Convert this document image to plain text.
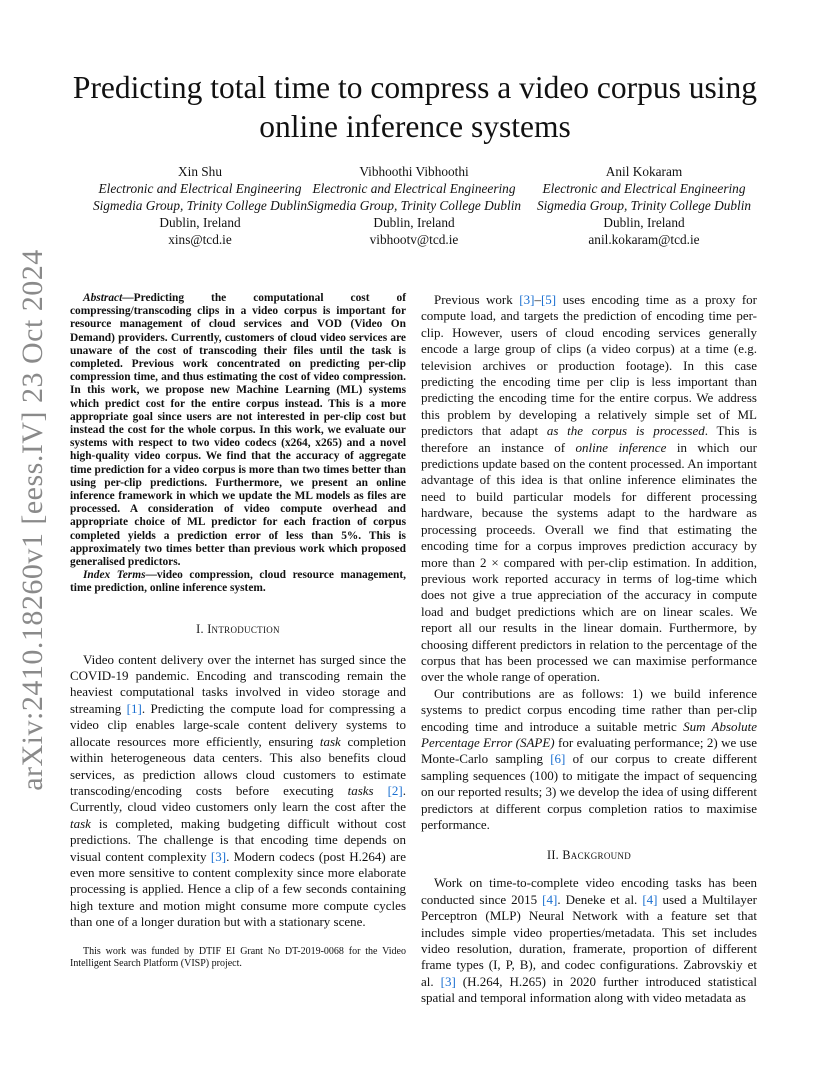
arXiv:2410.18260v1 [eess.IV] 23 Oct 2024
Predicting total time to compress a video corpus using online inference systems
Xin Shu
Electronic and Electrical Engineering
Sigmedia Group, Trinity College Dublin
Dublin, Ireland
xins@tcd.ie
Vibhoothi Vibhoothi
Electronic and Electrical Engineering
Sigmedia Group, Trinity College Dublin
Dublin, Ireland
vibhootv@tcd.ie
Anil Kokaram
Electronic and Electrical Engineering
Sigmedia Group, Trinity College Dublin
Dublin, Ireland
anil.kokaram@tcd.ie

Abstract—Predicting the computational cost of compressing/transcoding clips in a video corpus is important for resource management of cloud services and VOD (Video On Demand) providers. Currently, customers of cloud video services are unaware of the cost of transcoding their files until the task is completed. Previous work concentrated on predicting per-clip compression time, and thus estimating the cost of video compression. In this work, we propose new Machine Learning (ML) systems which predict cost for the entire corpus instead. This is a more appropriate goal since users are not interested in per-clip cost but instead the cost for the whole corpus. In this work, we evaluate our systems with respect to two video codecs (x264, x265) and a novel high-quality video corpus. We find that the accuracy of aggregate time prediction for a video corpus is more than two times better than using per-clip predictions. Furthermore, we present an online inference framework in which we update the ML models as files are processed. A consideration of video compute overhead and appropriate choice of ML predictor for each fraction of corpus completed yields a prediction error of less than 5%. This is approximately two times better than previous work which proposed generalised predictors.

Index Terms—video compression, cloud resource management, time prediction, online inference system.

I. Introduction

Video content delivery over the internet has surged since the COVID-19 pandemic. Encoding and transcoding remain the heaviest computational tasks involved in video storage and streaming [1]. Predicting the compute load for compressing a video clip enables large-scale content delivery systems to allocate resources more efficiently, ensuring task completion within heterogeneous data centers. This also benefits cloud services, as prediction allows cloud customers to estimate transcoding/encoding costs before executing tasks [2]. Currently, cloud video customers only learn the cost after the task is completed, making budgeting difficult without cost predictions. The challenge is that encoding time depends on visual content complexity [3]. Modern codecs (post H.264) are even more sensitive to content complexity since more elaborate processing is applied. Hence a clip of a few seconds containing high texture and motion might consume more compute cycles than one of a longer duration but with a stationary scene.

This work was funded by DTIF EI Grant No DT-2019-0068 for the Video Intelligent Search Platform (VISP) project.

Previous work [3]–[5] uses encoding time as a proxy for compute load, and targets the prediction of encoding time per-clip. However, users of cloud encoding services generally encode a large group of clips (a video corpus) at a time (e.g. television archives or production footage). In this case predicting the encoding time per clip is less important than predicting the encoding time for the entire corpus. We address this problem by developing a relatively simple set of ML predictors that adapt as the corpus is processed. This is therefore an instance of online inference in which our predictions update based on the content processed. An important advantage of this idea is that online inference eliminates the need to build particular models for different processing hardware, because the systems adapt to the hardware as processing proceeds. Overall we find that estimating the encoding time for a corpus improves prediction accuracy by more than 2 × compared with per-clip estimation. In addition, previous work reported accuracy in terms of log-time which does not give a true appreciation of the accuracy in compute load and budget predictions which are on linear scales. We report all our results in the linear domain. Furthermore, by choosing different predictors in relation to the percentage of the corpus that has been processed we can maximise performance over the whole range of operation.

Our contributions are as follows: 1) we build inference systems to predict corpus encoding time rather than per-clip encoding time and introduce a suitable metric Sum Absolute Percentage Error (SAPE) for evaluating performance; 2) we use Monte-Carlo sampling [6] of our corpus to create different sampling sequences (100) to mitigate the impact of sequencing on our reported results; 3) we develop the idea of using different predictors at different corpus completion ratios to maximise performance.

II. Background

Work on time-to-complete video encoding tasks has been conducted since 2015 [4]. Deneke et al. [4] used a Multilayer Perceptron (MLP) Neural Network with a feature set that includes simple video properties/metadata. This set includes video resolution, duration, framerate, proportion of different frame types (I, P, B), and codec configurations. Zabrovskiy et al. [3] (H.264, H.265) in 2020 further introduced statistical spatial and temporal information along with video metadata as
